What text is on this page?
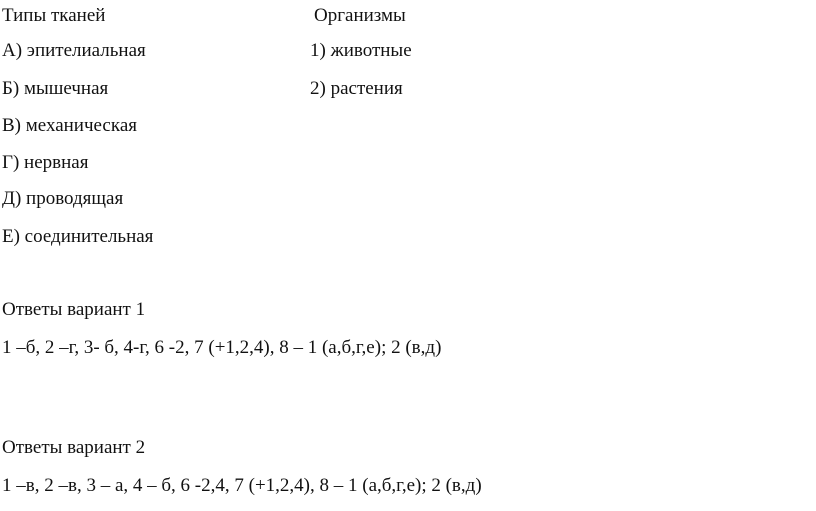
Типы тканей	Организмы
А) эпителиальная	1) животные
Б) мышечная	2) растения
В) механическая
Г) нервная
Д) проводящая
Е) соединительная
Ответы вариант 1
1 –б, 2 –г, 3- б, 4-г, 6 -2, 7 (+1,2,4), 8 – 1 (а,б,г,е); 2 (в,д)
Ответы вариант 2
1 –в, 2 –в, 3 – а, 4 – б, 6 -2,4, 7 (+1,2,4), 8 – 1 (а,б,г,е); 2 (в,д)
